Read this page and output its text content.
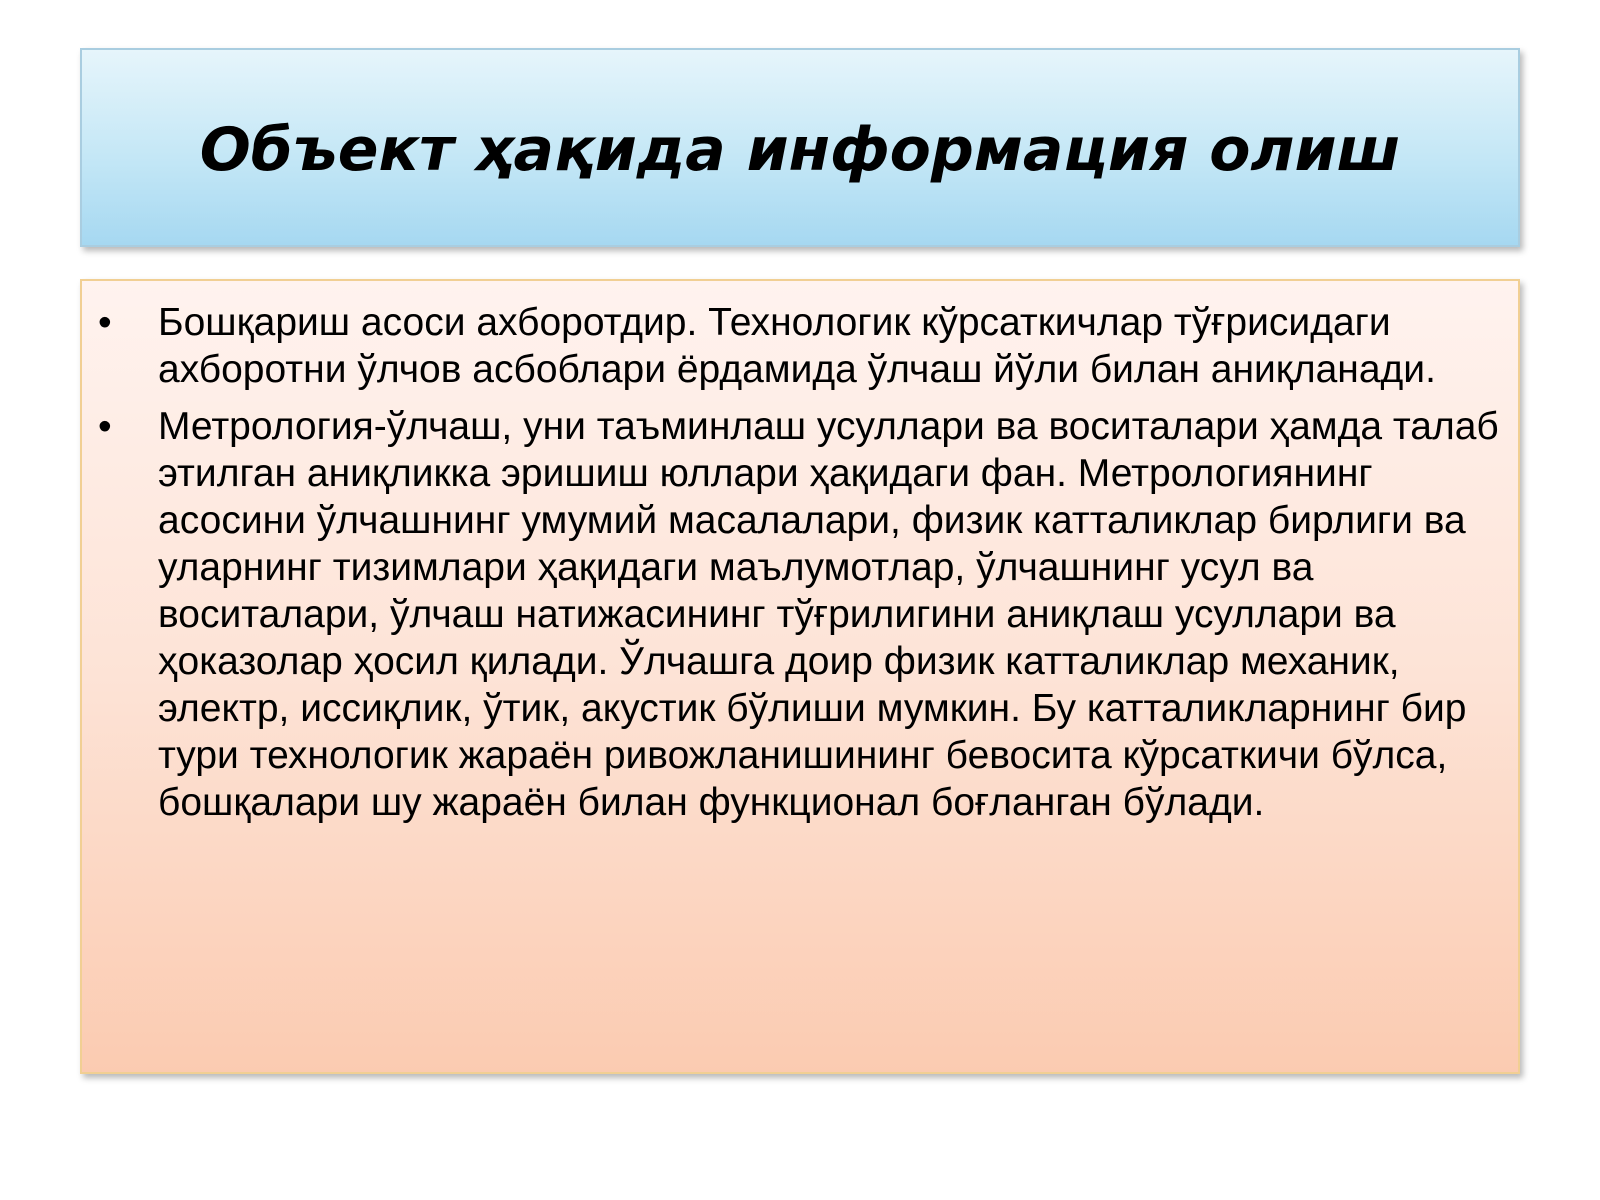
Объект ҳақида информация олиш
• Бошқариш асоси ахборотдир. Технологик кўрсаткичлар тўғрисидаги ахборотни ўлчов асбоблари ёрдамида ўлчаш йўли билан аниқланади.
• Метрология-ўлчаш, уни таъминлаш усуллари ва воситалари ҳамда талаб этилган аниқликка эришиш юллари ҳақидаги фан. Метрологиянинг асосини ўлчашнинг умумий масалалари, физик катталиклар бирлиги ва уларнинг тизимлари ҳақидаги маълумотлар, ўлчашнинг усул ва воситалари, ўлчаш натижасининг тўғрилигини аниқлаш усуллари ва ҳоказолар ҳосил қилади. Ўлчашга доир физик катталиклар механик, электр, иссиқлик, ўтик, акустик бўлиши мумкин. Бу катталикларнинг бир тури технологик жараён ривожланишининг бевосита кўрсаткичи бўлса, бошқалари шу жараён билан функционал боғланган бўлади.
